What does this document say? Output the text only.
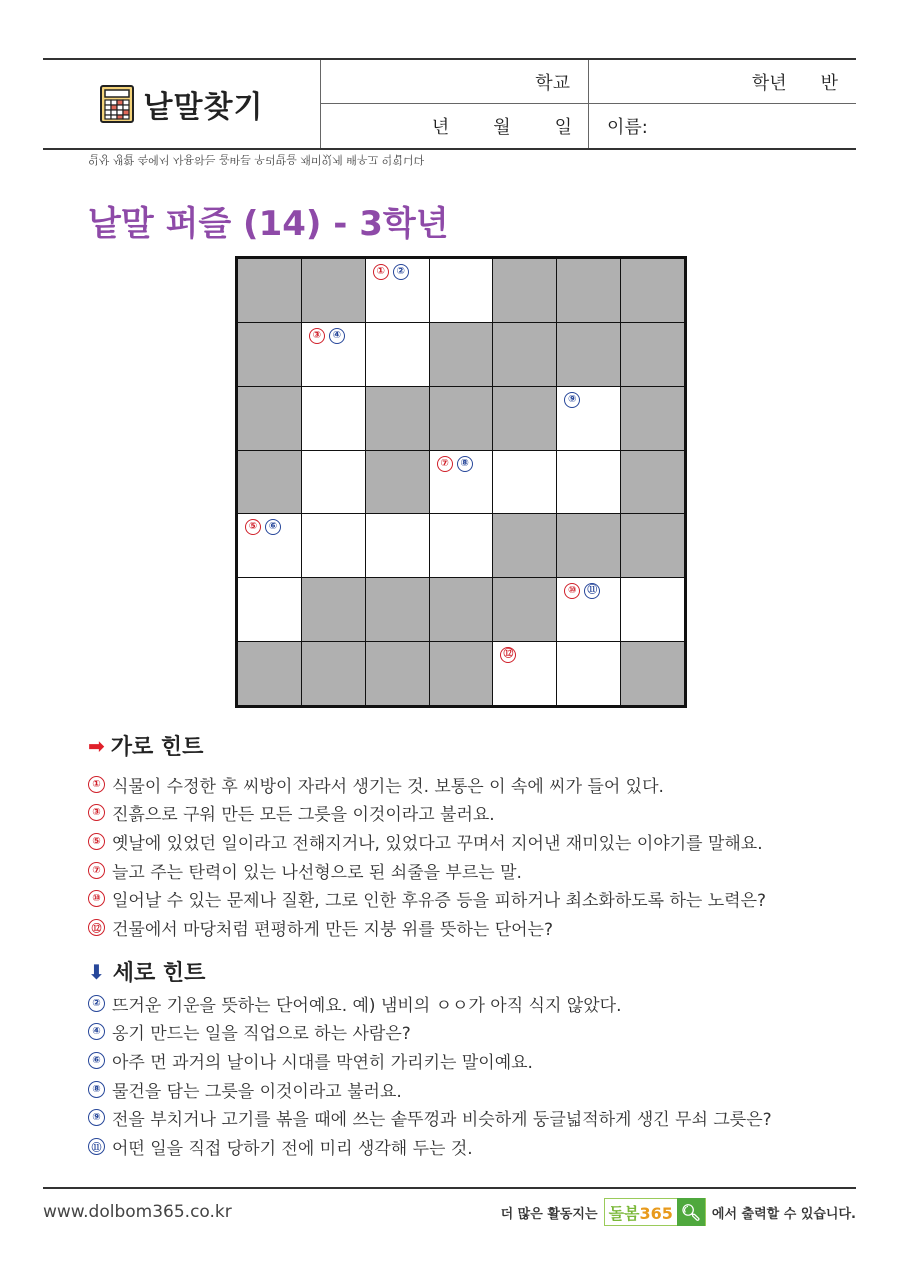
낱말찾기
학교	학년 반
년 월 일 이름:
일상 생활 속에서 사용하는 올바른 우리말을 재미있게 배우고 익힙니다
낱말 퍼즐 (14) - 3학년
①	②
③	④
⑨
⑦	⑧
⑤	⑥
⑩	⑪
⑫
➡ 가로 힌트
① 식물이 수정한 후 씨방이 자라서 생기는 것. 보통은 이 속에 씨가 들어 있다.
③ 진흙으로 구워 만든 모든 그릇을 이것이라고 불러요.
⑤ 옛날에 있었던 일이라고 전해지거나, 있었다고 꾸며서 지어낸 재미있는 이야기를 말해요.
⑦ 늘고 주는 탄력이 있는 나선형으로 된 쇠줄을 부르는 말.
⑩ 일어날 수 있는 문제나 질환, 그로 인한 후유증 등을 피하거나 최소화하도록 하는 노력은?
⑫ 건물에서 마당처럼 편평하게 만든 지붕 위를 뜻하는 단어는?
⬇ 세로 힌트
② 뜨거운 기운을 뜻하는 단어예요. 예) 냄비의 ㅇㅇ가 아직 식지 않았다.
④ 옹기 만드는 일을 직업으로 하는 사람은?
⑥ 아주 먼 과거의 날이나 시대를 막연히 가리키는 말이예요.
⑧ 물건을 담는 그릇을 이것이라고 불러요.
⑨ 전을 부치거나 고기를 볶을 때에 쓰는 솥뚜껑과 비슷하게 둥글넓적하게 생긴 무쇠 그릇은?
⑪ 어떤 일을 직접 당하기 전에 미리 생각해 두는 것.
www.dolbom365.co.kr	더 많은 활동지는 돌봄365 🔍︎ 에서 출력할 수 있습니다.
